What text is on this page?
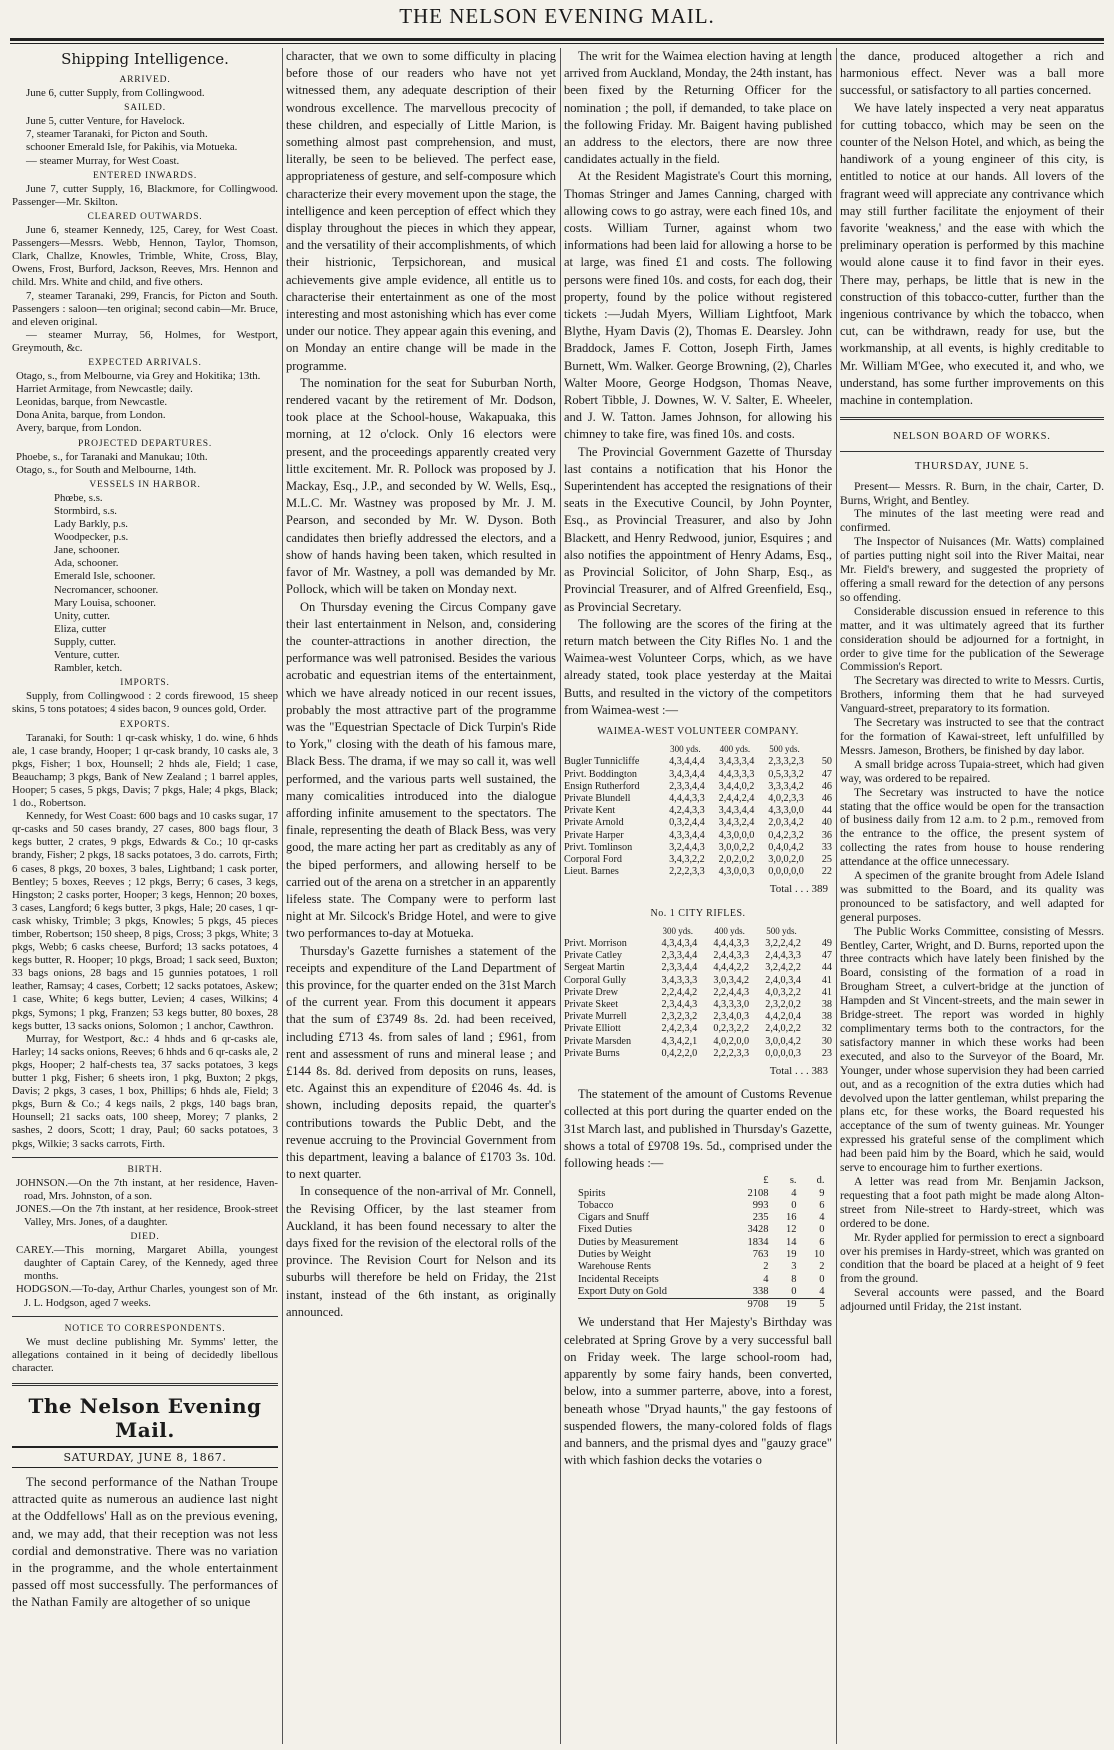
THE NELSON EVENING MAIL.
Shipping Intelligence.
ARRIVED.

June 6, cutter Supply, from Collingwood.

SAILED.

June 5, cutter Venture, for Havelock.

7, steamer Taranaki, for Picton and South.

schooner Emerald Isle, for Pakihis, via Motueka.

— steamer Murray, for West Coast.

ENTERED INWARDS.

June 7, cutter Supply, 16, Blackmore, for Collingwood. Passenger—Mr. Skilton.

CLEARED OUTWARDS.

June 6, steamer Kennedy, 125, Carey, for West Coast. Passengers—Messrs. Webb, Hennon, Taylor, Thomson, Clark, Challze, Knowles, Trimble, White, Cross, Blay, Owens, Frost, Burford, Jackson, Reeves, Mrs. Hennon and child. Mrs. White and child, and five others.

7, steamer Taranaki, 299, Francis, for Picton and South. Passengers : saloon—ten original; second cabin—Mr. Bruce, and eleven original.

— steamer Murray, 56, Holmes, for Westport, Greymouth, &c.

EXPECTED ARRIVALS.

Otago, s., from Melbourne, via Grey and Hokitika; 13th.

Harriet Armitage, from Newcastle; daily.

Leonidas, barque, from Newcastle.

Dona Anita, barque, from London.

Avery, barque, from London.

PROJECTED DEPARTURES.

Phoebe, s., for Taranaki and Manukau; 10th.

Otago, s., for South and Melbourne, 14th.

VESSELS IN HARBOR.

Phœbe, s.s.

Stormbird, s.s.

Lady Barkly, p.s.

Woodpecker, p.s.

Jane, schooner.

Ada, schooner.

Emerald Isle, schooner.

Necromancer, schooner.

Mary Louisa, schooner.

Unity, cutter.

Eliza, cutter

Supply, cutter.

Venture, cutter.

Rambler, ketch.

IMPORTS.

Supply, from Collingwood : 2 cords firewood, 15 sheep skins, 5 tons potatoes; 4 sides bacon, 9 ounces gold, Order.

EXPORTS.

Taranaki, for South: 1 qr-cask whisky, 1 do. wine, 6 hhds ale, 1 case brandy, Hooper; 1 qr-cask brandy, 10 casks ale, 3 pkgs, Fisher; 1 box, Hounsell; 2 hhds ale, Field; 1 case, Beauchamp; 3 pkgs, Bank of New Zealand ; 1 barrel apples, Hooper; 5 cases, 5 pkgs, Davis; 7 pkgs, Hale; 4 pkgs, Black; 1 do., Robertson.

Kennedy, for West Coast: 600 bags and 10 casks sugar, 17 qr-casks and 50 cases brandy, 27 cases, 800 bags flour, 3 kegs butter, 2 crates, 9 pkgs, Edwards & Co.; 10 qr-casks brandy, Fisher; 2 pkgs, 18 sacks potatoes, 3 do. carrots, Firth; 6 cases, 8 pkgs, 20 boxes, 3 bales, Lightband; 1 cask porter, Bentley; 5 boxes, Reeves ; 12 pkgs, Berry; 6 cases, 3 kegs, Hingston; 2 casks porter, Hooper; 3 kegs, Hennon; 20 boxes, 3 cases, Langford; 6 kegs butter, 3 pkgs, Hale; 20 cases, 1 qr-cask whisky, Trimble; 3 pkgs, Knowles; 5 pkgs, 45 pieces timber, Robertson; 150 sheep, 8 pigs, Cross; 3 pkgs, White; 3 pkgs, Webb; 6 casks cheese, Burford; 13 sacks potatoes, 4 kegs butter, R. Hooper; 10 pkgs, Broad; 1 sack seed, Buxton; 33 bags onions, 28 bags and 15 gunnies potatoes, 1 roll leather, Ramsay; 4 cases, Corbett; 12 sacks potatoes, Askew; 1 case, White; 6 kegs butter, Levien; 4 cases, Wilkins; 4 pkgs, Symons; 1 pkg, Franzen; 53 kegs butter, 80 boxes, 28 kegs butter, 13 sacks onions, Solomon ; 1 anchor, Cawthron.

Murray, for Westport, &c.: 4 hhds and 6 qr-casks ale, Harley; 14 sacks onions, Reeves; 6 hhds and 6 qr-casks ale, 2 pkgs, Hooper; 2 half-chests tea, 37 sacks potatoes, 3 kegs butter 1 pkg, Fisher; 6 sheets iron, 1 pkg, Buxton; 2 pkgs, Davis; 2 pkgs, 3 cases, 1 box, Phillips; 6 hhds ale, Field; 3 pkgs, Burn & Co.; 4 kegs nails, 2 pkgs, 140 bags bran, Hounsell; 21 sacks oats, 100 sheep, Morey; 7 planks, 2 sashes, 2 doors, Scott; 1 dray, Paul; 60 sacks potatoes, 3 pkgs, Wilkie; 3 sacks carrots, Firth.

BIRTH.

JOHNSON.—On the 7th instant, at her residence, Haven-road, Mrs. Johnston, of a son.

JONES.—On the 7th instant, at her residence, Brook-street Valley, Mrs. Jones, of a daughter.

DIED.

CAREY.—This morning, Margaret Abilla, youngest daughter of Captain Carey, of the Kennedy, aged three months.

HODGSON.—To-day, Arthur Charles, youngest son of Mr. J. L. Hodgson, aged 7 weeks.

NOTICE TO CORRESPONDENTS.

We must decline publishing Mr. Symms' letter, the allegations contained in it being of decidedly libellous character.

The Nelson Evening Mail.
SATURDAY, JUNE 8, 1867.

The second performance of the Nathan Troupe attracted quite as numerous an audience last night at the Oddfellows' Hall as on the previous evening, and, we may add, that their reception was not less cordial and demonstrative. There was no variation in the programme, and the whole entertainment passed off most successfully. The performances of the Nathan Family are altogether of so unique

character, that we own to some difficulty in placing before those of our readers who have not yet witnessed them, any adequate description of their wondrous excellence. The marvellous precocity of these children, and especially of Little Marion, is something almost past comprehension, and must, literally, be seen to be believed. The perfect ease, appropriateness of gesture, and self-composure which characterize their every movement upon the stage, the intelligence and keen perception of effect which they display throughout the pieces in which they appear, and the versatility of their accomplishments, of which their histrionic, Terpsichorean, and musical achievements give ample evidence, all entitle us to characterise their entertainment as one of the most interesting and most astonishing which has ever come under our notice. They appear again this evening, and on Monday an entire change will be made in the programme.

The nomination for the seat for Suburban North, rendered vacant by the retirement of Mr. Dodson, took place at the School-house, Wakapuaka, this morning, at 12 o'clock. Only 16 electors were present, and the proceedings apparently created very little excitement. Mr. R. Pollock was proposed by J. Mackay, Esq., J.P., and seconded by W. Wells, Esq., M.L.C. Mr. Wastney was proposed by Mr. J. M. Pearson, and seconded by Mr. W. Dyson. Both candidates then briefly addressed the electors, and a show of hands having been taken, which resulted in favor of Mr. Wastney, a poll was demanded by Mr. Pollock, which will be taken on Monday next.

On Thursday evening the Circus Company gave their last entertainment in Nelson, and, considering the counter-attractions in another direction, the performance was well patronised. Besides the various acrobatic and equestrian items of the entertainment, which we have already noticed in our recent issues, probably the most attractive part of the programme was the "Equestrian Spectacle of Dick Turpin's Ride to York," closing with the death of his famous mare, Black Bess. The drama, if we may so call it, was well performed, and the various parts well sustained, the many comicalities introduced into the dialogue affording infinite amusement to the spectators. The finale, representing the death of Black Bess, was very good, the mare acting her part as creditably as any of the biped performers, and allowing herself to be carried out of the arena on a stretcher in an apparently lifeless state. The Company were to perform last night at Mr. Silcock's Bridge Hotel, and were to give two performances to-day at Motueka.

Thursday's Gazette furnishes a statement of the receipts and expenditure of the Land Department of this province, for the quarter ended on the 31st March of the current year. From this document it appears that the sum of £3749 8s. 2d. had been received, including £713 4s. from sales of land ; £961, from rent and assessment of runs and mineral lease ; and £144 8s. 8d. derived from deposits on runs, leases, etc. Against this an expenditure of £2046 4s. 4d. is shown, including deposits repaid, the quarter's contributions towards the Public Debt, and the revenue accruing to the Provincial Government from this department, leaving a balance of £1703 3s. 10d. to next quarter.

In consequence of the non-arrival of Mr. Connell, the Revising Officer, by the last steamer from Auckland, it has been found necessary to alter the days fixed for the revision of the electoral rolls of the province. The Revision Court for Nelson and its suburbs will therefore be held on Friday, the 21st instant, instead of the 6th instant, as originally announced.

The writ for the Waimea election having at length arrived from Auckland, Monday, the 24th instant, has been fixed by the Returning Officer for the nomination ; the poll, if demanded, to take place on the following Friday. Mr. Baigent having published an address to the electors, there are now three candidates actually in the field.

At the Resident Magistrate's Court this morning, Thomas Stringer and James Canning, charged with allowing cows to go astray, were each fined 10s, and costs. William Turner, against whom two informations had been laid for allowing a horse to be at large, was fined £1 and costs. The following persons were fined 10s. and costs, for each dog, their property, found by the police without registered tickets :—Judah Myers, William Lightfoot, Mark Blythe, Hyam Davis (2), Thomas E. Dearsley. John Braddock, James F. Cotton, Joseph Firth, James Burnett, Wm. Walker. George Browning, (2), Charles Walter Moore, George Hodgson, Thomas Neave, Robert Tibble, J. Downes, W. V. Salter, E. Wheeler, and J. W. Tatton. James Johnson, for allowing his chimney to take fire, was fined 10s. and costs.

The Provincial Government Gazette of Thursday last contains a notification that his Honor the Superintendent has accepted the resignations of their seats in the Executive Council, by John Poynter, Esq., as Provincial Treasurer, and also by John Blackett, and Henry Redwood, junior, Esquires ; and also notifies the appointment of Henry Adams, Esq., as Provincial Solicitor, of John Sharp, Esq., as Provincial Treasurer, and of Alfred Greenfield, Esq., as Provincial Secretary.

The following are the scores of the firing at the return match between the City Rifles No. 1 and the Waimea-west Volunteer Corps, which, as we have already stated, took place yesterday at the Maitai Butts, and resulted in the victory of the competitors from Waimea-west :—

WAIMEA-WEST VOLUNTEER COMPANY.
	300 yds.	400 yds.	500 yds.	
Bugler Tunnicliffe	4,3,4,4,4	3,4,3,3,4	2,3,3,2,3	50
Privt. Boddington	3,4,3,4,4	4,4,3,3,3	0,5,3,3,2	47
Ensign Rutherford	2,3,3,4,4	3,4,4,0,2	3,3,3,4,2	46
Private Blundell	4,4,4,3,3	2,4,4,2,4	4,0,2,3,3	46
Private Kent	4,2,4,3,3	3,4,3,4,4	4,3,3,0,0	44
Private Arnold	0,3,2,4,4	3,4,3,2,4	2,0,3,4,2	40
Private Harper	4,3,3,4,4	4,3,0,0,0	0,4,2,3,2	36
Privt. Tomlinson	3,2,4,4,3	3,0,0,2,2	0,4,0,4,2	33
Corporal Ford	3,4,3,2,2	2,0,2,0,2	3,0,0,2,0	25
Lieut. Barnes	2,2,2,3,3	4,3,0,0,3	0,0,0,0,0	22
Total . . . 389
No. 1 CITY RIFLES.
	300 yds.	400 yds.	500 yds.	
Privt. Morrison	4,3,4,3,4	4,4,4,3,3	3,2,2,4,2	49
Private Catley	2,3,3,4,4	2,4,4,3,3	2,4,4,3,3	47
Sergeat Martin	2,3,3,4,4	4,4,4,2,2	3,2,4,2,2	44
Corporal Gully	3,4,3,3,3	3,0,3,4,2	2,4,0,3,4	41
Private Drew	2,2,4,4,2	2,2,4,4,3	4,0,3,2,2	41
Private Skeet	2,3,4,4,3	4,3,3,3,0	2,3,2,0,2	38
Private Murrell	2,3,2,3,2	2,3,4,0,3	4,4,2,0,4	38
Private Elliott	2,4,2,3,4	0,2,3,2,2	2,4,0,2,2	32
Private Marsden	4,3,4,2,1	4,0,2,0,0	3,0,0,4,2	30
Private Burns	0,4,2,2,0	2,2,2,3,3	0,0,0,0,3	23
Total . . . 383

The statement of the amount of Customs Revenue collected at this port during the quarter ended on the 31st March last, and published in Thursday's Gazette, shows a total of £9708 19s. 5d., comprised under the following heads :—

	£	s.	d.
Spirits	2108	4	9
Tobacco	993	0	6
Cigars and Snuff	235	16	4
Fixed Duties	3428	12	0
Duties by Measurement	1834	14	6
Duties by Weight	763	19	10
Warehouse Rents	2	3	2
Incidental Receipts	4	8	0
Export Duty on Gold	338	0	4
	9708	19	5

We understand that Her Majesty's Birthday was celebrated at Spring Grove by a very successful ball on Friday week. The large school-room had, apparently by some fairy hands, been converted, below, into a summer parterre, above, into a forest, beneath whose "Dryad haunts," the gay festoons of suspended flowers, the many-colored folds of flags and banners, and the prismal dyes and "gauzy grace" with which fashion decks the votaries o

the dance, produced altogether a rich and harmonious effect. Never was a ball more successful, or satisfactory to all parties concerned.

We have lately inspected a very neat apparatus for cutting tobacco, which may be seen on the counter of the Nelson Hotel, and which, as being the handiwork of a young engineer of this city, is entitled to notice at our hands. All lovers of the fragrant weed will appreciate any contrivance which may still further facilitate the enjoyment of their favorite 'weakness,' and the ease with which the preliminary operation is performed by this machine would alone cause it to find favor in their eyes. There may, perhaps, be little that is new in the construction of this tobacco-cutter, further than the ingenious contrivance by which the tobacco, when cut, can be withdrawn, ready for use, but the workmanship, at all events, is highly creditable to Mr. William M'Gee, who executed it, and who, we understand, has some further improvements on this machine in contemplation.

NELSON BOARD OF WORKS.
THURSDAY, JUNE 5.

Present— Messrs. R. Burn, in the chair, Carter, D. Burns, Wright, and Bentley.

The minutes of the last meeting were read and confirmed.

The Inspector of Nuisances (Mr. Watts) complained of parties putting night soil into the River Maitai, near Mr. Field's brewery, and suggested the propriety of offering a small reward for the detection of any persons so offending.

Considerable discussion ensued in reference to this matter, and it was ultimately agreed that its further consideration should be adjourned for a fortnight, in order to give time for the publication of the Sewerage Commission's Report.

The Secretary was directed to write to Messrs. Curtis, Brothers, informing them that he had surveyed Vanguard-street, preparatory to its formation.

The Secretary was instructed to see that the contract for the formation of Kawai-street, left unfulfilled by Messrs. Jameson, Brothers, be finished by day labor.

A small bridge across Tupaia-street, which had given way, was ordered to be repaired.

The Secretary was instructed to have the notice stating that the office would be open for the transaction of business daily from 12 a.m. to 2 p.m., removed from the entrance to the office, the present system of collecting the rates from house to house rendering attendance at the office unnecessary.

A specimen of the granite brought from Adele Island was submitted to the Board, and its quality was pronounced to be satisfactory, and well adapted for general purposes.

The Public Works Committee, consisting of Messrs. Bentley, Carter, Wright, and D. Burns, reported upon the three contracts which have lately been finished by the Board, consisting of the formation of a road in Brougham Street, a culvert-bridge at the junction of Hampden and St Vincent-streets, and the main sewer in Bridge-street. The report was worded in highly complimentary terms both to the contractors, for the satisfactory manner in which these works had been executed, and also to the Surveyor of the Board, Mr. Younger, under whose supervision they had been carried out, and as a recognition of the extra duties which had devolved upon the latter gentleman, whilst preparing the plans etc, for these works, the Board requested his acceptance of the sum of twenty guineas. Mr. Younger expressed his grateful sense of the compliment which had been paid him by the Board, which he said, would serve to encourage him to further exertions.

A letter was read from Mr. Benjamin Jackson, requesting that a foot path might be made along Alton-street from Nile-street to Hardy-street, which was ordered to be done.

Mr. Ryder applied for permission to erect a signboard over his premises in Hardy-street, which was granted on condition that the board be placed at a height of 9 feet from the ground.

Several accounts were passed, and the Board adjourned until Friday, the 21st instant.
